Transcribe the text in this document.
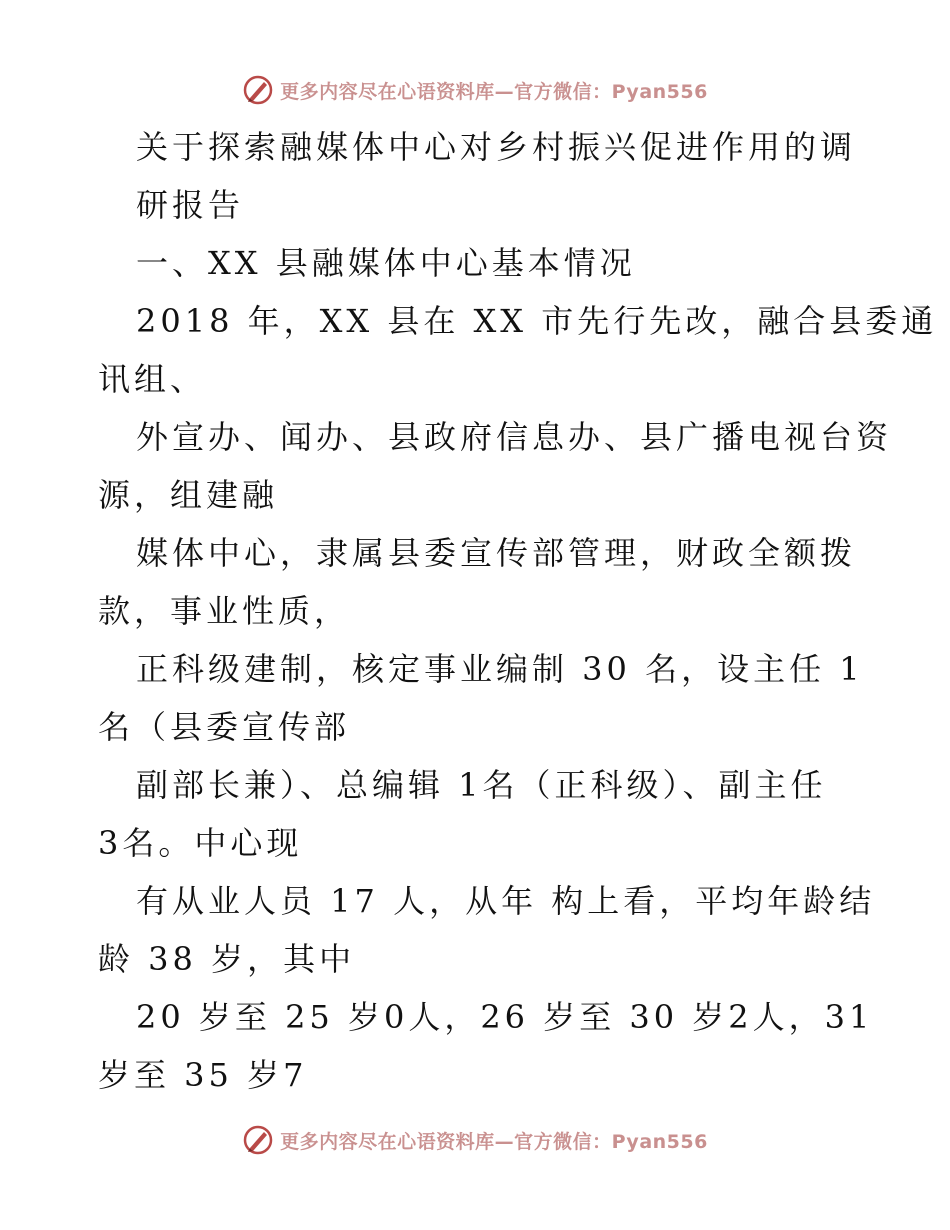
更多内容尽在心语资料库—官方微信：Pyan556
关于探索融媒体中心对乡村振兴促进作用的调
研报告
一、XX 县融媒体中心基本情况
2018 年，XX 县在 XX 市先行先改，融合县委通
讯组、
外宣办、闻办、县政府信息办、县广播电视台资
源，组建融
媒体中心，隶属县委宣传部管理，财政全额拨
款，事业性质，
正科级建制，核定事业编制 30 名，设主任 1
名（县委宣传部
副部长兼）、总编辑 1名（正科级）、副主任
3名。中心现
有从业人员 17 人，从年 构上看，平均年龄结
龄 38 岁，其中
20 岁至 25 岁0人，26 岁至 30 岁2人，31
岁至 35 岁7
更多内容尽在心语资料库—官方微信：Pyan556
